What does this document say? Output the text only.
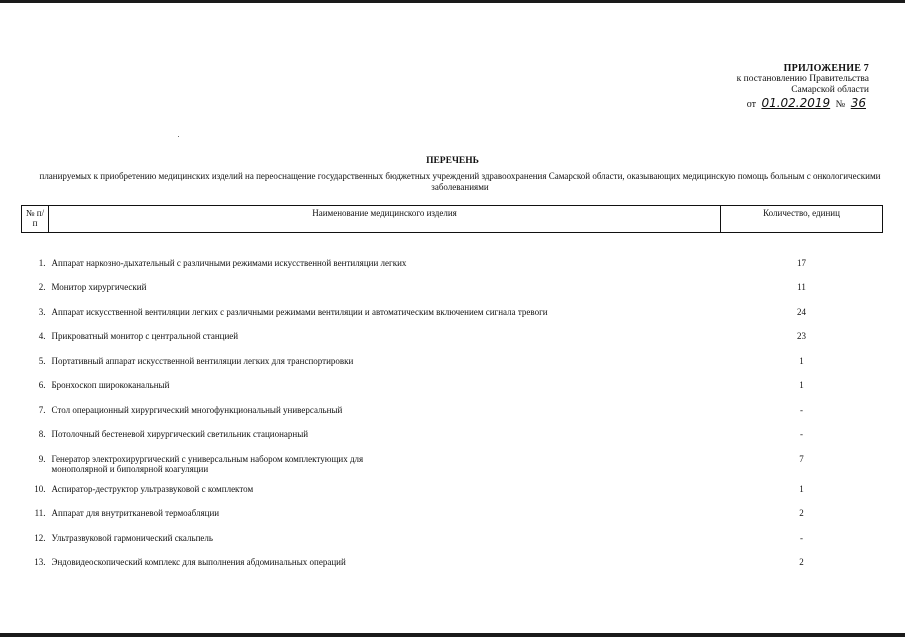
ПРИЛОЖЕНИЕ 7
к постановлению Правительства
Самарской области
от 01.02.2019 № 36
ПЕРЕЧЕНЬ
планируемых к приобретению медицинских изделий на переоснащение государственных бюджетных учреждений здравоохранения Самарской области, оказывающих медицинскую помощь больным с онкологическими заболеваниями
№ п/п	Наименование медицинского изделия	Количество, единиц

1.	Аппарат наркозно-дыхательный с различными режимами искусственной вентиляции легких	17
2.	Монитор хирургический	11
3.	Аппарат искусственной вентиляции легких с различными режимами вентиляции и автоматическим включением сигнала тревоги	24
4.	Прикроватный монитор с центральной станцией	23
5.	Портативный аппарат искусственной вентиляции легких для транспортировки	1
6.	Бронхоскоп ширококанальный	1
7.	Стол операционный хирургический многофункциональный универсальный	-
8.	Потолочный бестеневой хирургический светильник стационарный	-
9.	Генератор электрохирургический с универсальным набором комплектующих для монополярной и биполярной коагуляции	7
10.	Аспиратор-деструктор ультразвуковой с комплектом	1
11.	Аппарат для внутритканевой термоабляции	2
12.	Ультразвуковой гармонический скальпель	-
13.	Эндовидеоскопический комплекс для выполнения абдоминальных операций	2
